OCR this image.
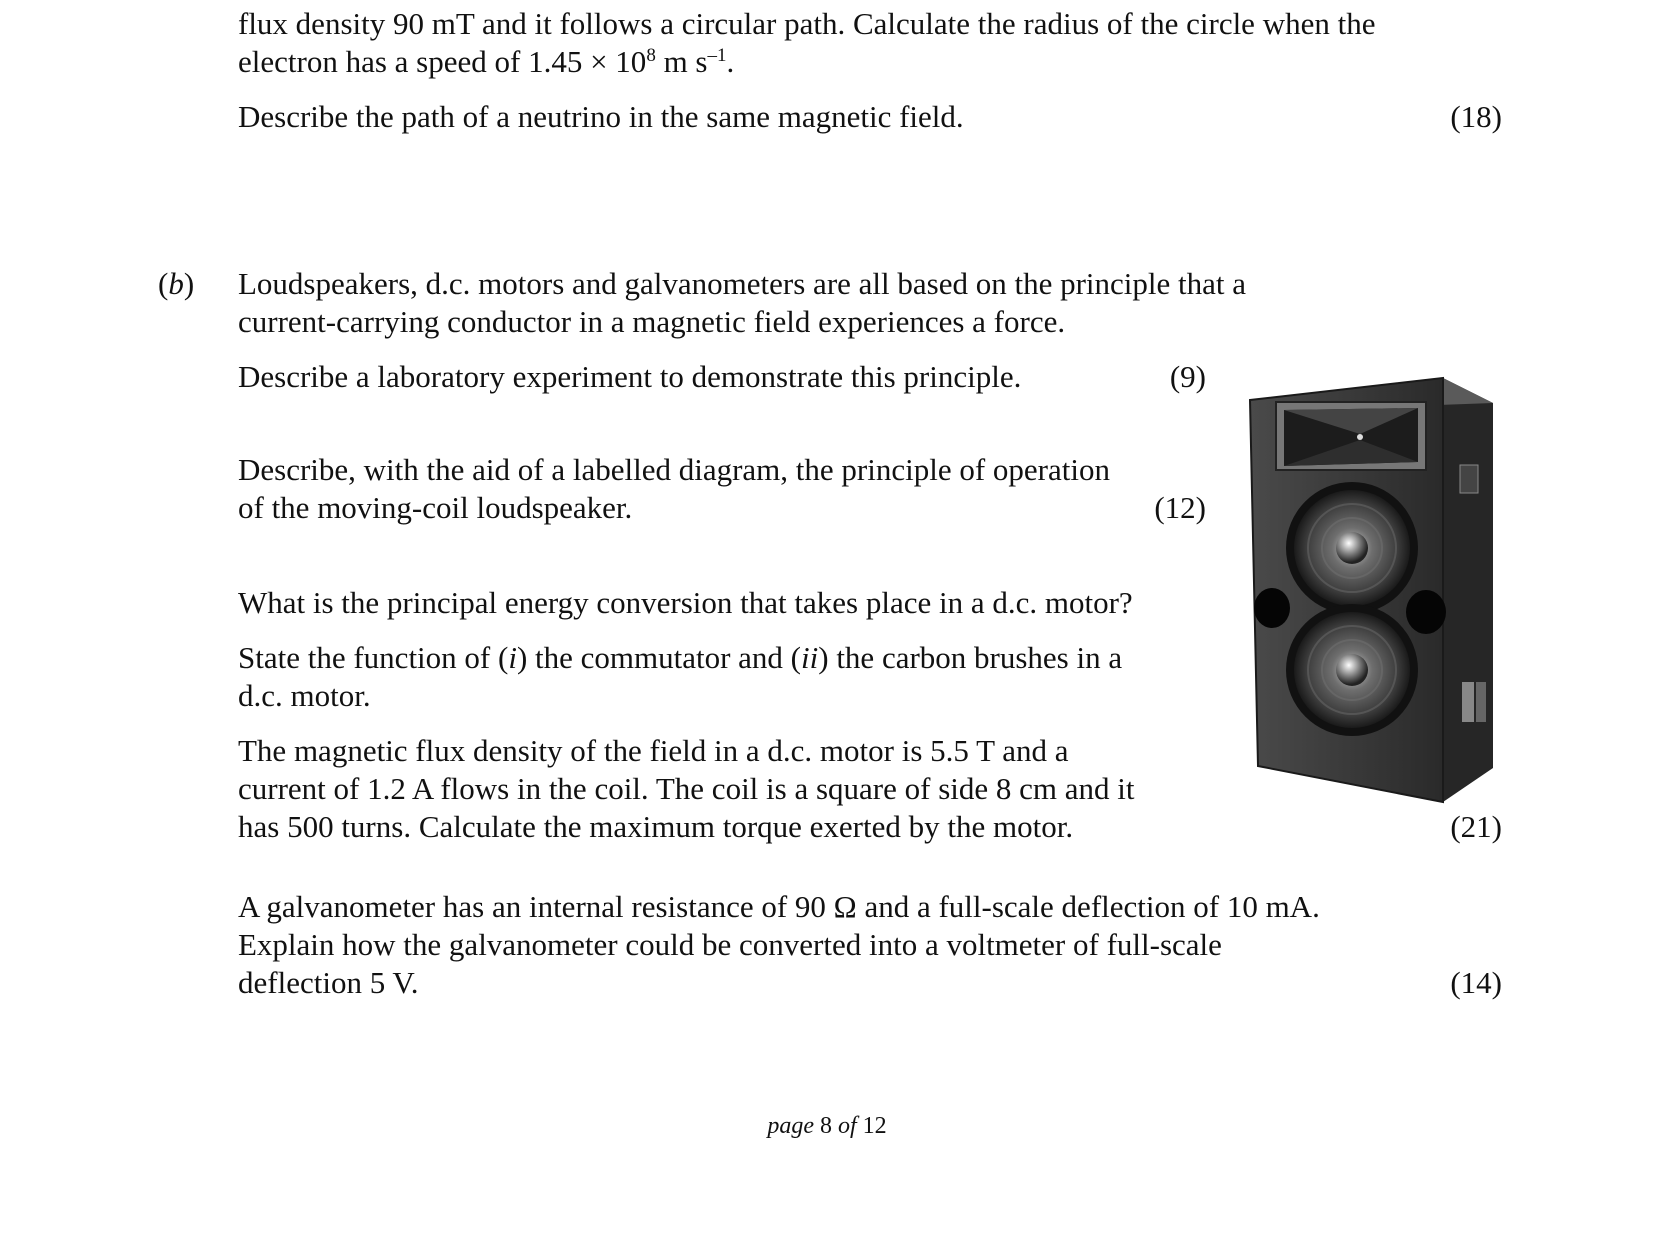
flux density 90 mT and it follows a circular path. Calculate the radius of the circle when the
electron has a speed of $1.45 \times 10^8$ m $s^{-1}$.
Describe the path of a neutrino in the same magnetic field.	(18)
(b) Loudspeakers, d.c. motors and galvanometers are all based on the principle that a
current-carrying conductor in a magnetic field experiences a force.
Describe a laboratory experiment to demonstrate this principle.	(9)
Describe, with the aid of a labelled diagram, the principle of operation
of the moving-coil loudspeaker.	(12)
What is the principal energy conversion that takes place in a d.c. motor?
State the function of (i) the commutator and (ii) the carbon brushes in a
d.c. motor.
The magnetic flux density of the field in a d.c. motor is 5.5 T and a
current of 1.2 A flows in the coil. The coil is a square of side 8 cm and it
has 500 turns. Calculate the maximum torque exerted by the motor.	(21)
A galvanometer has an internal resistance of 90 Ω and a full-scale deflection of 10 mA.
Explain how the galvanometer could be converted into a voltmeter of full-scale
deflection 5 V.	(14)
page 8 of 12
